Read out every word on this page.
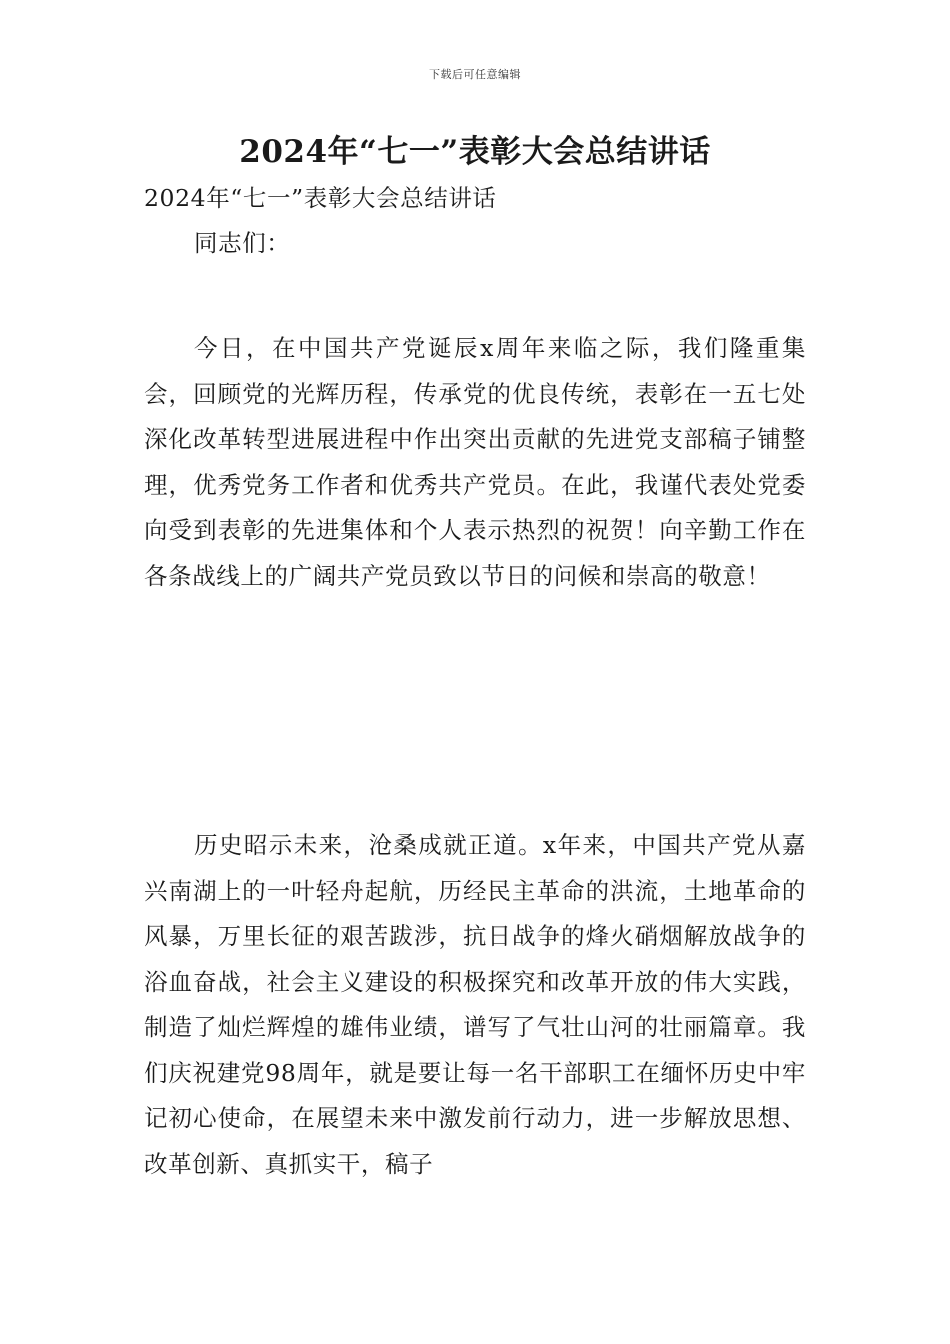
下载后可任意编辑
2024年“七一”表彰大会总结讲话

2024年“七一”表彰大会总结讲话

同志们：

今日，在中国共产党诞辰x周年来临之际，我们隆重集会，回顾党的光辉历程，传承党的优良传统，表彰在一五七处深化改革转型进展进程中作出突出贡献的先进党支部稿子铺整理，优秀党务工作者和优秀共产党员。在此，我谨代表处党委向受到表彰的先进集体和个人表示热烈的祝贺！向辛勤工作在各条战线上的广阔共产党员致以节日的问候和崇高的敬意！

历史昭示未来，沧桑成就正道。x年来，中国共产党从嘉兴南湖上的一叶轻舟起航，历经民主革命的洪流，土地革命的风暴，万里长征的艰苦跋涉，抗日战争的烽火硝烟解放战争的浴血奋战，社会主义建设的积极探究和改革开放的伟大实践，制造了灿烂辉煌的雄伟业绩，谱写了气壮山河的壮丽篇章。我们庆祝建党98周年，就是要让每一名干部职工在缅怀历史中牢记初心使命，在展望未来中激发前行动力，进一步解放思想、改革创新、真抓实干，稿子
